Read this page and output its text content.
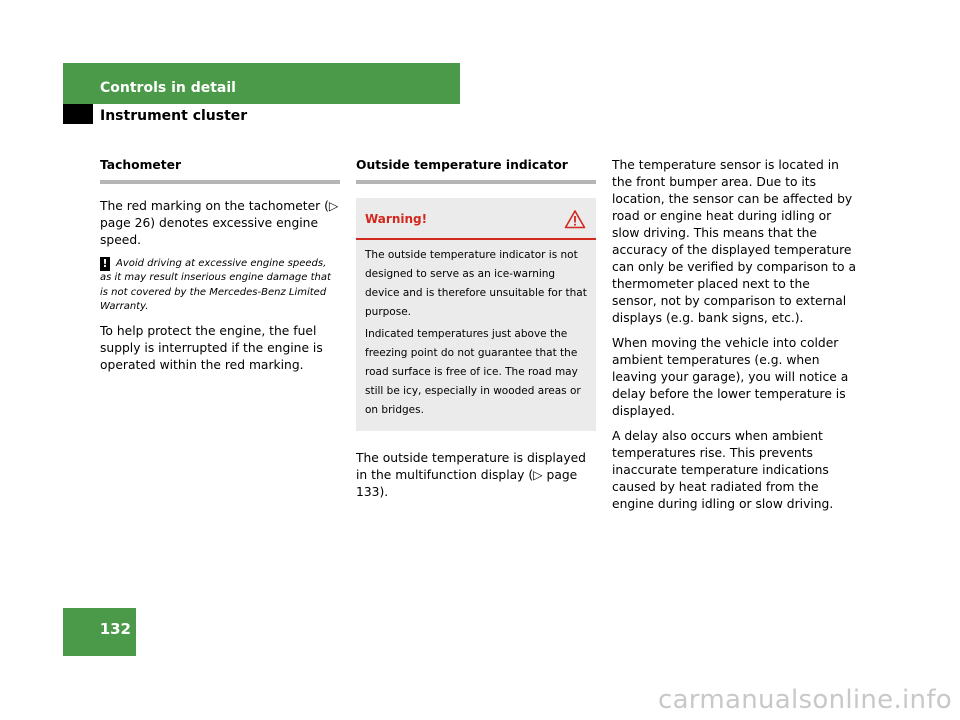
Controls in detail
Instrument cluster
Tachometer

The red marking on the tachometer (▷ page 26) denotes excessive engine speed.

! Avoid driving at excessive engine speeds, as it may result inserious engine damage that is not covered by the Mercedes-Benz Limited Warranty.

To help protect the engine, the fuel supply is interrupted if the engine is operated within the red marking.

Outside temperature indicator
Warning!

The outside temperature indicator is not designed to serve as an ice-warning device and is therefore unsuitable for that purpose.

Indicated temperatures just above the freezing point do not guarantee that the road surface is free of ice. The road may still be icy, especially in wooded areas or on bridges.

The outside temperature is displayed in the multifunction display (▷ page 133).

The temperature sensor is located in the front bumper area. Due to its location, the sensor can be affected by road or engine heat during idling or slow driving. This means that the accuracy of the displayed temperature can only be verified by comparison to a thermometer placed next to the sensor, not by comparison to external displays (e.g. bank signs, etc.).

When moving the vehicle into colder ambient temperatures (e.g. when leaving your garage), you will notice a delay before the lower temperature is displayed.

A delay also occurs when ambient temperatures rise. This prevents inaccurate temperature indications caused by heat radiated from the engine during idling or slow driving.

132
carmanualsonline.info
